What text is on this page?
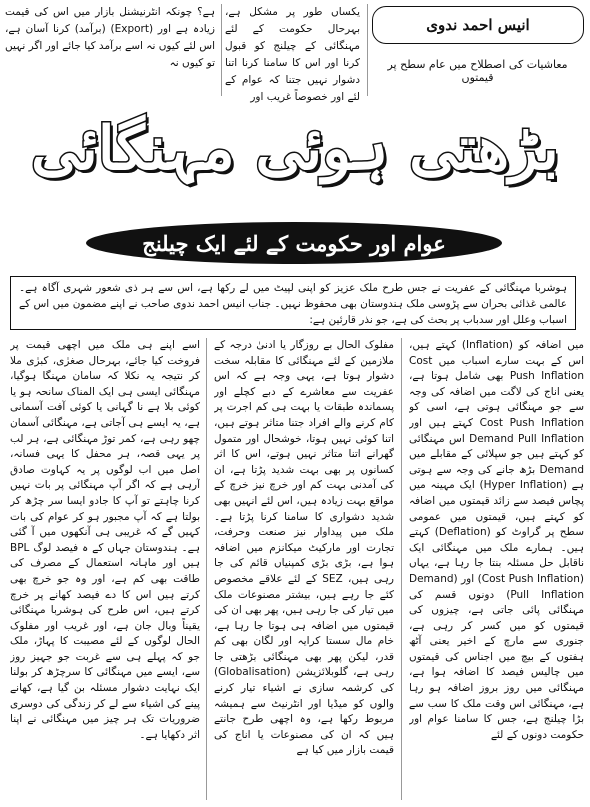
انیس احمد ندوی
معاشیات کی اصطلاح میں عام سطح پر قیمتوں

یکساں طور پر مشکل ہے، بہرحال حکومت کے لئے مہنگائی کے چیلنج کو قبول کرنا اور اس کا سامنا کرنا اتنا دشوار نہیں جتنا کہ عوام کے لئے اور خصوصاً غریب اور

ہے؟ چونکہ انٹرنیشنل بازار میں اس کی قیمت زیادہ ہے اور (Export) (برآمد) کرنا آسان ہے، اس لئے کیوں نہ اسے برآمد کیا جائے اور اگر نہیں تو کیوں نہ

بڑھتی ہوئی مہنگائی
عوام اور حکومت کے لئے ایک چیلنج

ہوشربا مہنگائی کے عفریت نے جس طرح ملک عزیز کو اپنی لپیٹ میں لے رکھا ہے، اس سے ہر ذی شعور شہری آگاہ ہے۔ عالمی غذائی بحران سے پڑوسی ملک ہندوستان بھی محفوظ نہیں۔ جناب انیس احمد ندوی صاحب نے اپنے مضمون میں اس کے اسباب وعلل اور سدباب پر بحث کی ہے، جو نذر قارئین ہے:

میں اضافہ کو (Inflation) کہتے ہیں، اس کے بہت سارے اسباب میں Cost Push Inflation بھی شامل ہوتا ہے، یعنی اناج کی لاگت میں اضافہ کی وجہ سے جو مہنگائی ہوتی ہے، اسی کو Cost Push Inflation کہتے ہیں اور Demand Pull Inflation اس مہنگائی کو کہتے ہیں جو سپلائی کے مقابلے میں Demand بڑھ جانے کی وجہ سے ہوتی ہے (Hyper Inflation) ایک مہینہ میں پچاس فیصد سے زائد قیمتوں میں اضافہ کو کہتے ہیں، قیمتوں میں عمومی سطح پر گراوٹ کو (Deflation) کہتے ہیں۔ ہمارے ملک میں مہنگائی ایک ناقابل حل مسئلہ بنتا جا رہا ہے، یہاں (Cost Push Inflation) اور (Demand Pull Inflation) دونوں قسم کی مہنگائی پائی جاتی ہے، چیزوں کی قیمتوں کو میں کسر کر رہی ہے، جنوری سے مارچ کے اخیر یعنی آٹھ ہفتوں کے بیچ میں اجناس کی قیمتوں میں چالیس فیصد کا اضافہ ہوا ہے، مہنگائی میں روز بروز اضافہ ہو رہا ہے، مہنگائی اس وقت ملک کا سب سے بڑا چیلنج ہے، جس کا سامنا عوام اور حکومت دونوں کے لئے

مفلوک الحال بے روزگار یا ادنیٰ درجہ کے ملازمین کے لئے مہنگائی کا مقابلہ سخت دشوار ہوتا ہے، یہی وجہ ہے کہ اس عفریت سے معاشرے کے دبے کچلے اور پسماندہ طبقات یا بہت ہی کم اجرت پر کام کرنے والے افراد جتنا متاثر ہوتے ہیں، اتنا کوئی نہیں ہوتا، خوشحال اور متمول گھرانے اتنا متاثر نہیں ہوتے، اس کا اثر کسانوں پر بھی بہت شدید پڑتا ہے، ان کی آمدنی بہت کم اور خرچ نیز خرچ کے مواقع بہت زیادہ ہیں، اس لئے انہیں بھی شدید دشواری کا سامنا کرنا پڑتا ہے۔ ملک میں پیداوار نیز صنعت وحرفت، تجارت اور مارکیٹ میکانزم میں اضافہ ہوا ہے، بڑی بڑی کمپنیاں قائم کی جا رہی ہیں، SEZ کے لئے علاقے مخصوص کئے جا رہے ہیں، بیشتر مصنوعات ملک میں تیار کی جا رہی ہیں، پھر بھی ان کی قیمتوں میں اضافہ ہی ہوتا جا رہا ہے، خام مال سستا کرایہ اور لگان بھی کم قدر، لیکن پھر بھی مہنگائی بڑھتی جا رہی ہے، گلوبلائزیشن (Globalisation) کی کرشمہ سازی نے اشیاء تیار کرنے والوں کو میڈیا اور انٹرنیٹ سے ہمیشہ مربوط رکھا ہے، وہ اچھی طرح جانتے ہیں کہ ان کی مصنوعات یا اناج کی قیمت بازار میں کیا ہے

اسے اپنے ہی ملک میں اچھی قیمت پر فروخت کیا جائے، بہرحال صغرٰی، کبرٰی ملا کر نتیجہ یہ نکلا کہ سامان مہنگا ہوگیا، مہنگائی ایسی ہی ایک المناک سانحہ ہو یا کوئی بلا ہے نا گہانی یا کوئی آفت آسمانی ہے، یہ ایسے ہی آجاتی ہے، مہنگائی آسمان چھو رہی ہے، کمر توڑ مہنگائی ہے، ہر لب پر یہی قصہ، ہر محفل کا یہی فسانہ، اصل میں اب لوگوں پر یہ کہاوت صادق آرہی ہے کہ اگر آپ مہنگائی پر بات نہیں کرنا چاہتے تو آپ کا جادو ایسا سر چڑھ کر بولتا ہے کہ آپ مجبور ہو کر عوام کی بات کہیں گے کہ غریبی ہی آنکھوں میں آ گئی ہے۔ ہندوستان جہاں کے ہ فیصد لوگ BPL ہیں اور ماہانہ استعمال کے مصرف کی طاقت بھی کم ہے، اور وہ جو خرچ بھی کرتے ہیں اس کا دے فیصد کھانے پر خرچ کرتے ہیں، اس طرح کی ہوشربا مہنگائی یقیناً وبال جان ہے، اور غریب اور مفلوک الحال لوگوں کے لئے مصیبت کا پہاڑ، ملک جو کہ پہلے ہی سے غربت جو جہیز روز سے، ایسے میں مہنگائی کا سرچڑھ کر بولنا ایک نہایت دشوار مسئلہ بن گیا ہے، کھانے پینے کی اشیاء سے لے کر زندگی کی دوسری ضروریات تک ہر چیز میں مہنگائی نے اپنا اثر دکھایا ہے۔
